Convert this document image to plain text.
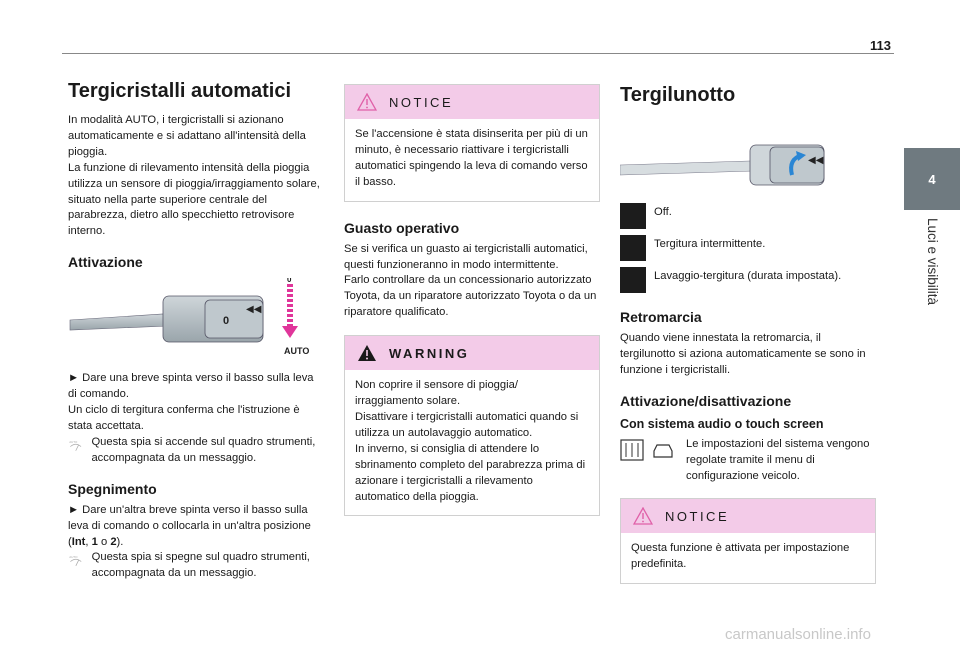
113
4
Luci e visibilità
Tergicristalli automatici

In modalità AUTO, i tergicristalli si azionano automaticamente e si adattano all'intensità della pioggia.
La funzione di rilevamento intensità della pioggia utilizza un sensore di pioggia/irraggiamento solare, situato nella parte superiore centrale del parabrezza, dietro allo specchietto retrovisore interno.

Attivazione
0
◀◀
0
AUTO

► Dare una breve spinta verso il basso sulla leva di comando.
Un ciclo di tergitura conferma che l'istruzione è stata accettata.

AUTO Questa spia si accende sul quadro strumenti, accompagnata da un messaggio.

Spegnimento

► Dare un'altra breve spinta verso il basso sulla leva di comando o collocarla in un'altra posizione (Int, 1 o 2).

AUTO Questa spia si spegne sul quadro strumenti, accompagnata da un messaggio.

NOTICE

Se l'accensione è stata disinserita per più di un minuto, è necessario riattivare i tergicristalli automatici spingendo la leva di comando verso il basso.

Guasto operativo

Se si verifica un guasto ai tergicristalli automatici, questi funzioneranno in modo intermittente.
Farlo controllare da un concessionario autorizzato Toyota, da un riparatore autorizzato Toyota o da un riparatore qualificato.

WARNING

Non coprire il sensore di pioggia/ irraggiamento solare.
Disattivare i tergicristalli automatici quando si utilizza un autolavaggio automatico.
In inverno, si consiglia di attendere lo sbrinamento completo del parabrezza prima di azionare i tergicristalli a rilevamento automatico della pioggia.

Tergilunotto
◀◀

Off.

Tergitura intermittente.

Lavaggio-tergitura (durata impostata).

Retromarcia

Quando viene innestata la retromarcia, il tergilunotto si aziona automaticamente se sono in funzione i tergicristalli.

Attivazione/disattivazione
Con sistema audio o touch screen

Le impostazioni del sistema vengono regolate tramite il menu di configurazione veicolo.

NOTICE

Questa funzione è attivata per impostazione predefinita.

carmanualsonline.info
